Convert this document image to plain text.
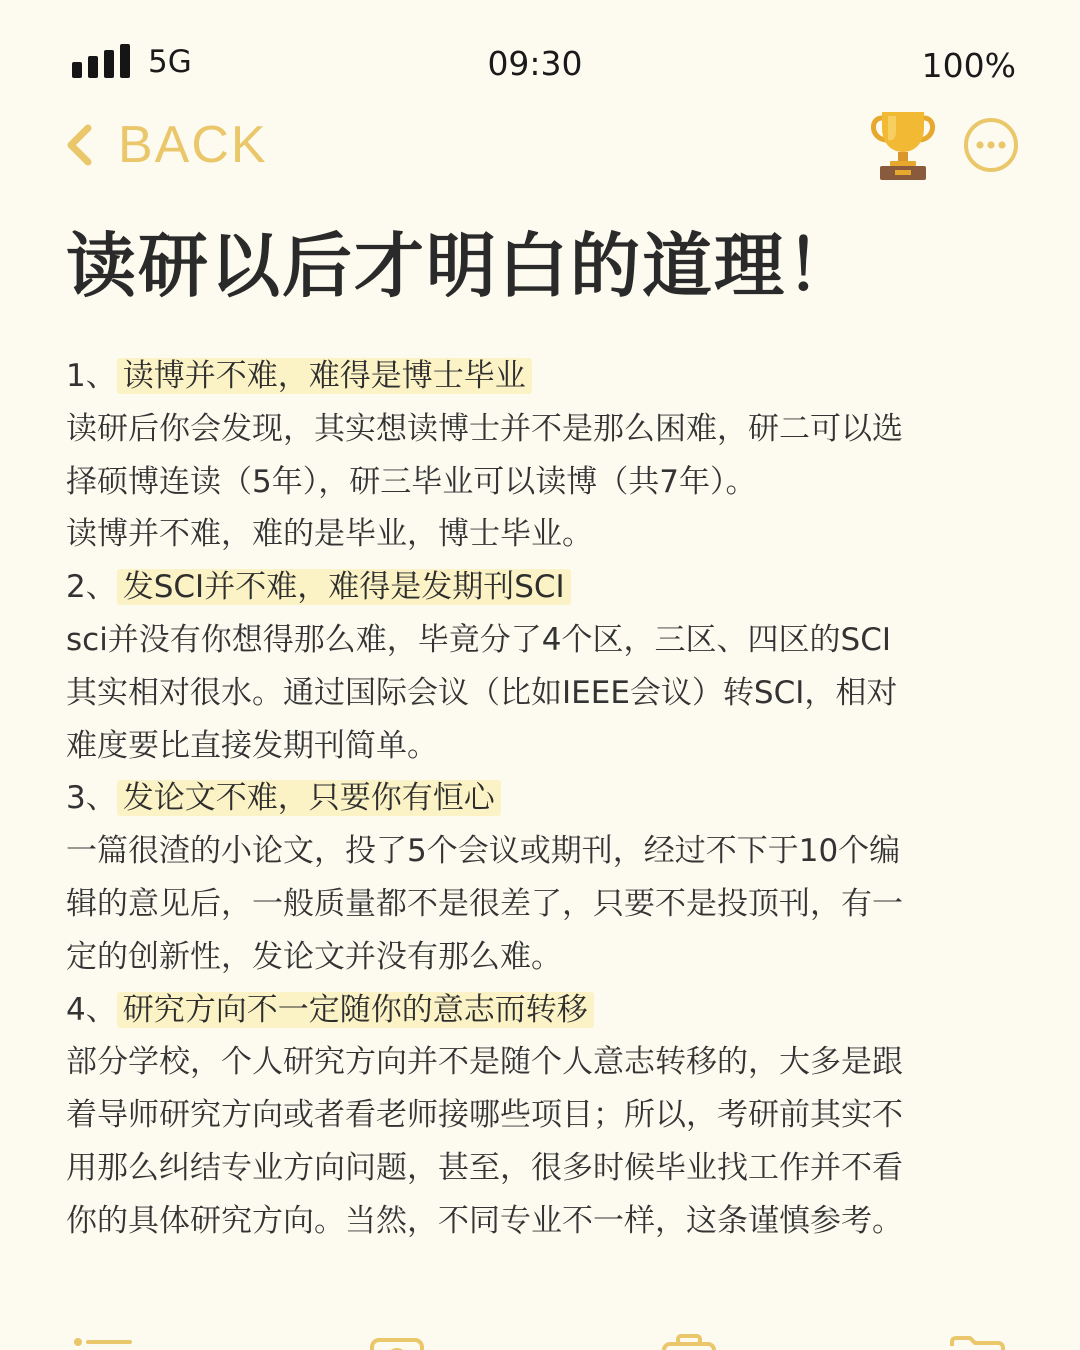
5G	09:30	100%
BACK
读研以后才明白的道理！
1、 读博并不难，难得是博士毕业
读研后你会发现，其实想读博士并不是那么困难，研二可以选
择硕博连读（5年），研三毕业可以读博（共7年）。
读博并不难，难的是毕业，博士毕业。
2、 发SCI并不难，难得是发期刊SCI
sci并没有你想得那么难，毕竟分了4个区，三区、四区的SCI
其实相对很水。通过国际会议（比如IEEE会议）转SCI，相对
难度要比直接发期刊简单。
3、 发论文不难，只要你有恒心
一篇很渣的小论文，投了5个会议或期刊，经过不下于10个编
辑的意见后，一般质量都不是很差了，只要不是投顶刊，有一
定的创新性，发论文并没有那么难。
4、 研究方向不一定随你的意志而转移
部分学校，个人研究方向并不是随个人意志转移的，大多是跟
着导师研究方向或者看老师接哪些项目；所以，考研前其实不
用那么纠结专业方向问题，甚至，很多时候毕业找工作并不看
你的具体研究方向。当然，不同专业不一样，这条谨慎参考。
